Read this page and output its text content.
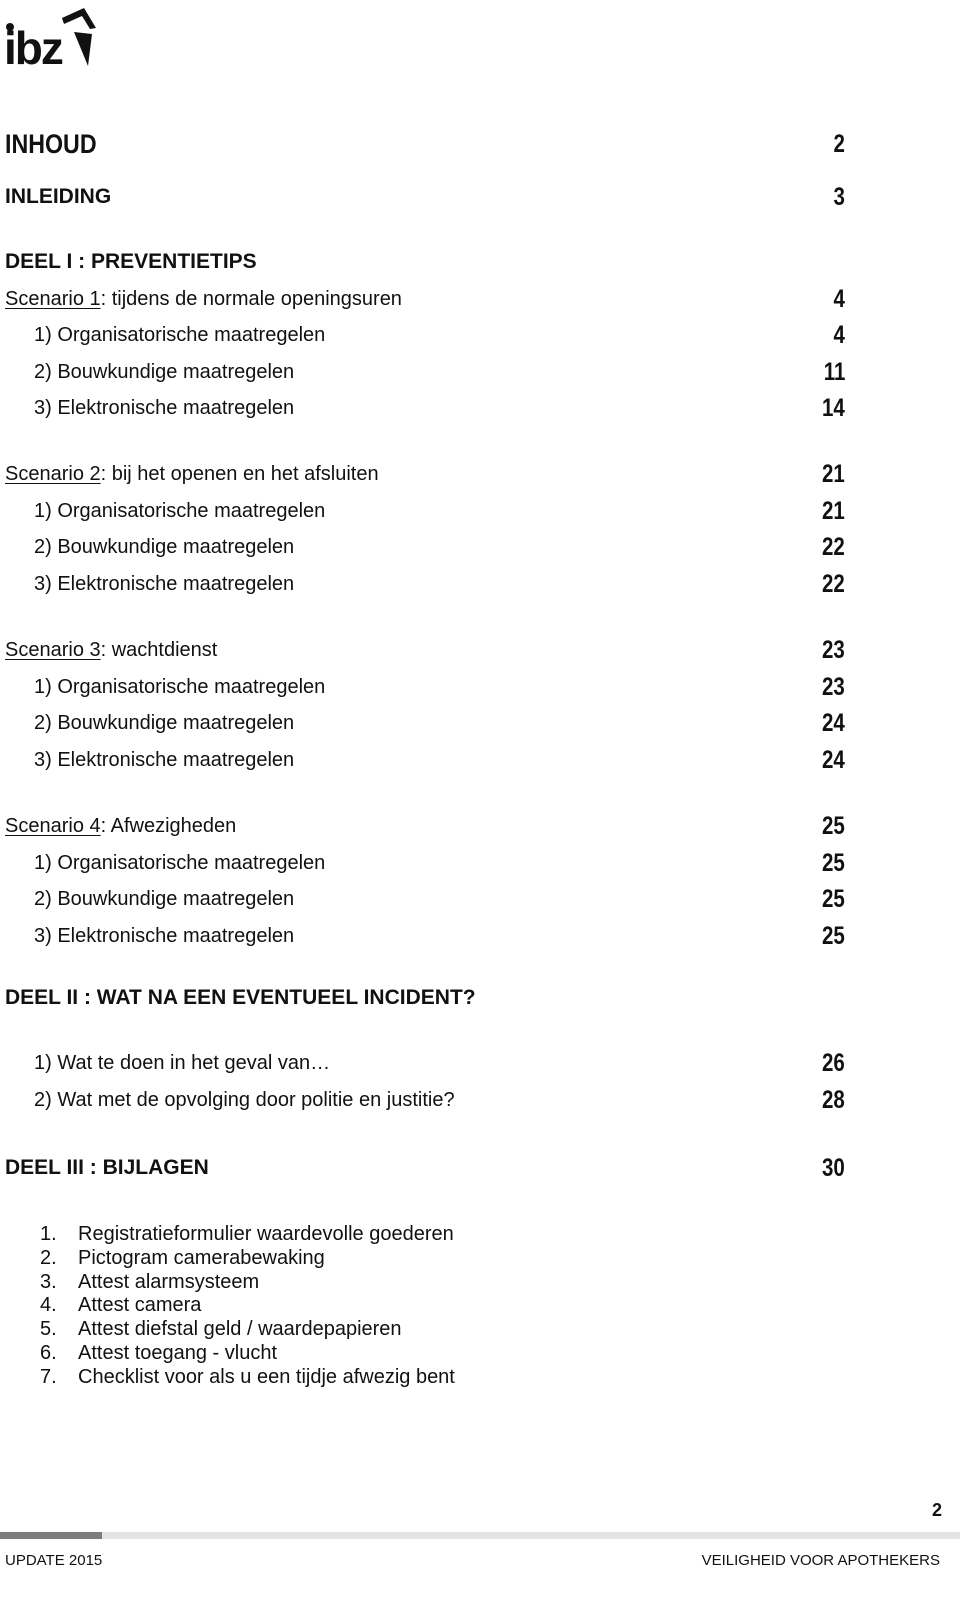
ibz
INHOUD	2
INLEIDING	3
DEEL I : PREVENTIETIPS
Scenario 1: tijdens de normale openingsuren	4
1) Organisatorische maatregelen	4
2) Bouwkundige maatregelen	11
3) Elektronische maatregelen	14
Scenario 2: bij het openen en het afsluiten	21
1) Organisatorische maatregelen	21
2) Bouwkundige maatregelen	22
3) Elektronische maatregelen	22
Scenario 3: wachtdienst	23
1) Organisatorische maatregelen	23
2) Bouwkundige maatregelen	24
3) Elektronische maatregelen	24
Scenario 4: Afwezigheden	25
1) Organisatorische maatregelen	25
2) Bouwkundige maatregelen	25
3) Elektronische maatregelen	25
DEEL II : WAT NA EEN EVENTUEEL INCIDENT?
1) Wat te doen in het geval van…	26
2) Wat met de opvolging door politie en justitie?	28
DEEL III : BIJLAGEN	30
1. Registratieformulier waardevolle goederen
2. Pictogram camerabewaking
3. Attest alarmsysteem
4. Attest camera
5. Attest diefstal geld / waardepapieren
6. Attest toegang - vlucht
7. Checklist voor als u een tijdje afwezig bent
2
UPDATE 2015	VEILIGHEID VOOR APOTHEKERS
